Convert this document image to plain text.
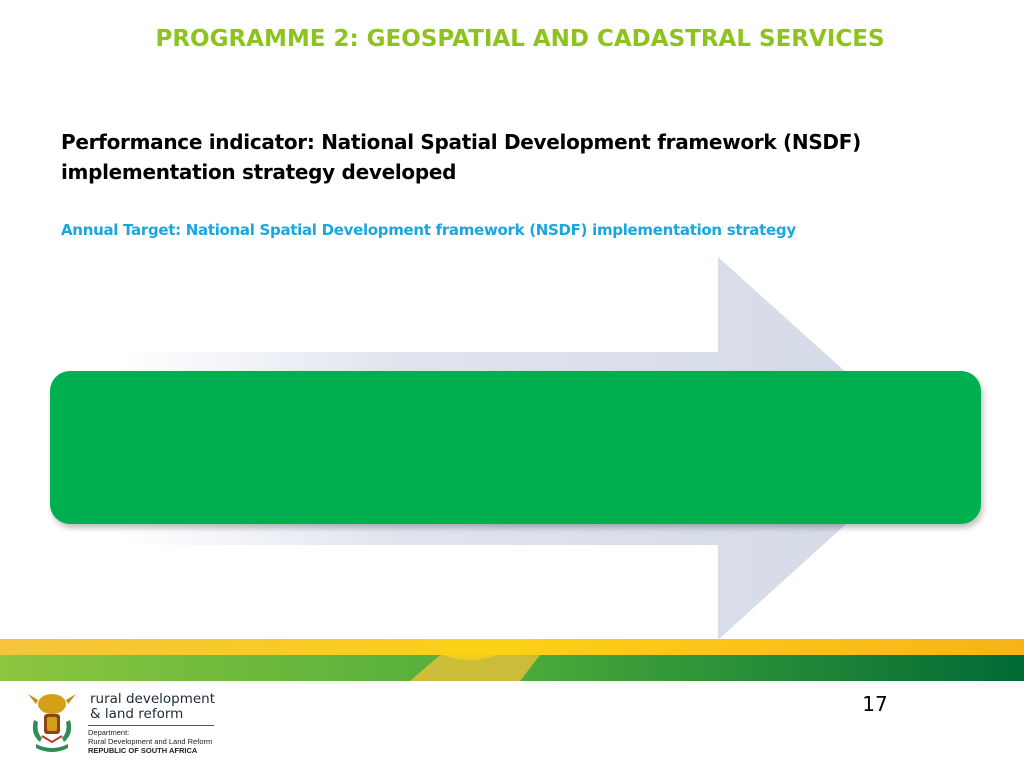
PROGRAMME 2: GEOSPATIAL AND CADASTRAL SERVICES

Performance indicator: National Spatial Development framework (NSDF) implementation strategy developed

Annual Target: National Spatial Development framework (NSDF) implementation strategy

17
rural development
& land reform
Department:
Rural Development and Land Reform
REPUBLIC OF SOUTH AFRICA
